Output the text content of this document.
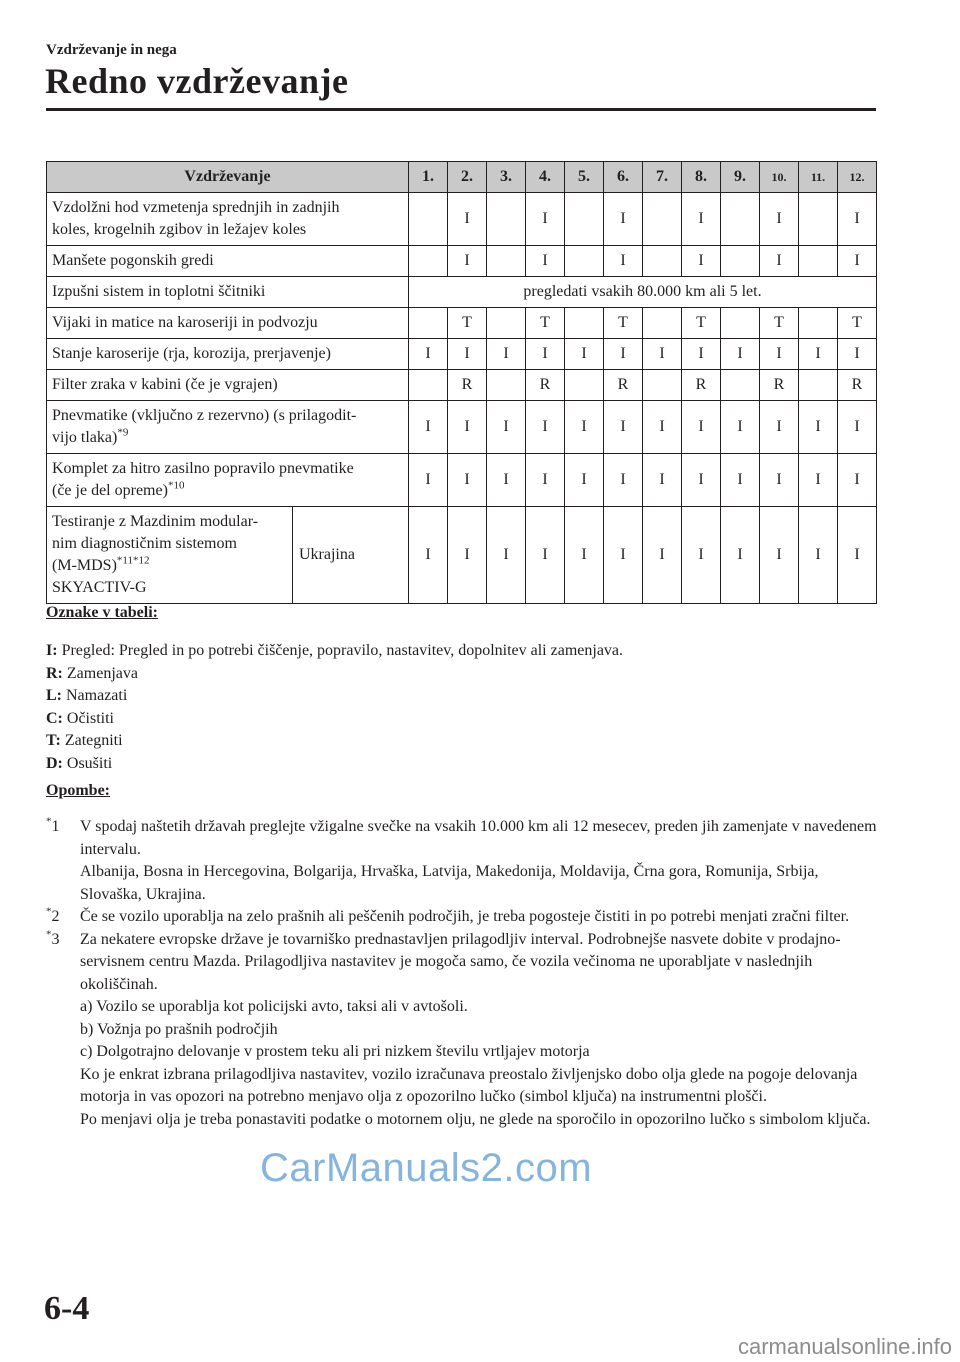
Vzdrževanje in nega
Redno vzdrževanje
Vzdrževanje		1.	2.	3.	4.	5.	6.	7.	8.	9.	10.	11.	12.
Vzdolžni hod vzmetenja sprednjih in zadnjih
koles, krogelnih zgibov in ležajev koles			I		I		I		I		I		I
Manšete pogonskih gredi			I		I		I		I		I		I
Izpušni sistem in toplotni ščitniki		pregledati vsakih 80.000 km ali 5 let.											
Vijaki in matice na karoseriji in podvozju			T		T		T		T		T		T
Stanje karoserije (rja, korozija, prerjavenje)		I	I	I	I	I	I	I	I	I	I	I	I
Filter zraka v kabini (če je vgrajen)			R		R		R		R		R		R
Pnevmatike (vključno z rezervno) (s prilagodit-
vijo tlaka)$^{*9}$		I	I	I	I	I	I	I	I	I	I	I	I
Komplet za hitro zasilno popravilo pnevmatike
(če je del opreme)$^{*10}$		I	I	I	I	I	I	I	I	I	I	I	I
Testiranje z Mazdinim modular-
nim diagnostičnim sistemom
$(M-MDS)^{*11*12}$
SKYACTIV-G	Ukrajina	I	I	I	I	I	I	I	I	I	I	I	I
Oznake v tabeli:
I: Pregled: Pregled in po potrebi čiščenje, popravilo, nastavitev, dopolnitev ali zamenjava.
R: Zamenjava
L: Namazati
C: Očistiti
T: Zategniti
D: Osušiti
Opombe:
*1 V spodaj naštetih državah preglejte vžigalne svečke na vsakih 10.000 km ali 12 mesecev, preden jih zamenjate v navedenem intervalu.

Albanija, Bosna in Hercegovina, Bolgarija, Hrvaška, Latvija, Makedonija, Moldavija, Črna gora, Romunija, Srbija, Slovaška, Ukrajina.

*2 Če se vozilo uporablja na zelo prašnih ali peščenih področjih, je treba pogosteje čistiti in po potrebi menjati zračni filter.

*3 Za nekatere evropske države je tovarniško prednastavljen prilagodljiv interval. Podrobnejše nasvete dobite v prodajno-servisnem centru Mazda. Prilagodljiva nastavitev je mogoča samo, če vozila večinoma ne uporabljate v naslednjih okoliščinah.

a) Vozilo se uporablja kot policijski avto, taksi ali v avtošoli.

b) Vožnja po prašnih področjih

c) Dolgotrajno delovanje v prostem teku ali pri nizkem številu vrtljajev motorja

Ko je enkrat izbrana prilagodljiva nastavitev, vozilo izračunava preostalo življenjsko dobo olja glede na pogoje delovanja motorja in vas opozori na potrebno menjavo olja z opozorilno lučko (simbol ključa) na instrumentni plošči.

Po menjavi olja je treba ponastaviti podatke o motornem olju, ne glede na sporočilo in opozorilno lučko s simbolom ključa.

CarManuals2.com
6-4
carmanualsonline.info
